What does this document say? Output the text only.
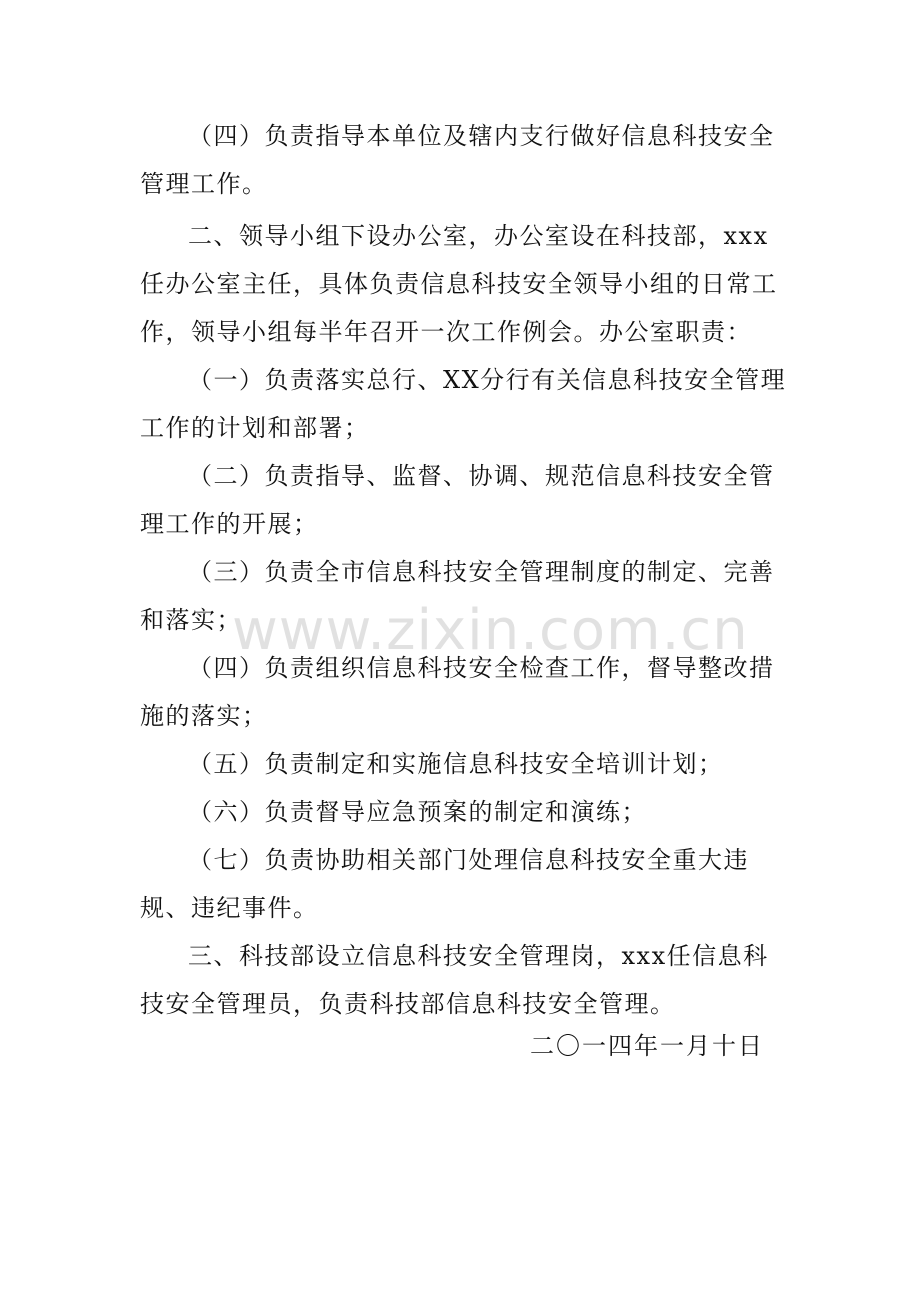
（四）负责指导本单位及辖内支行做好信息科技安全管理工作。
二、领导小组下设办公室，办公室设在科技部，xxx任办公室主任，具体负责信息科技安全领导小组的日常工作，领导小组每半年召开一次工作例会。办公室职责：
（一）负责落实总行、XX分行有关信息科技安全管理工作的计划和部署；
（二）负责指导、监督、协调、规范信息科技安全管理工作的开展；
（三）负责全市信息科技安全管理制度的制定、完善和落实；
（四）负责组织信息科技安全检查工作，督导整改措施的落实；
（五）负责制定和实施信息科技安全培训计划；
（六）负责督导应急预案的制定和演练；
（七）负责协助相关部门处理信息科技安全重大违规、违纪事件。
三、科技部设立信息科技安全管理岗，xxx任信息科技安全管理员，负责科技部信息科技安全管理。
二〇一四年一月十日
www.zixin.com.cn
